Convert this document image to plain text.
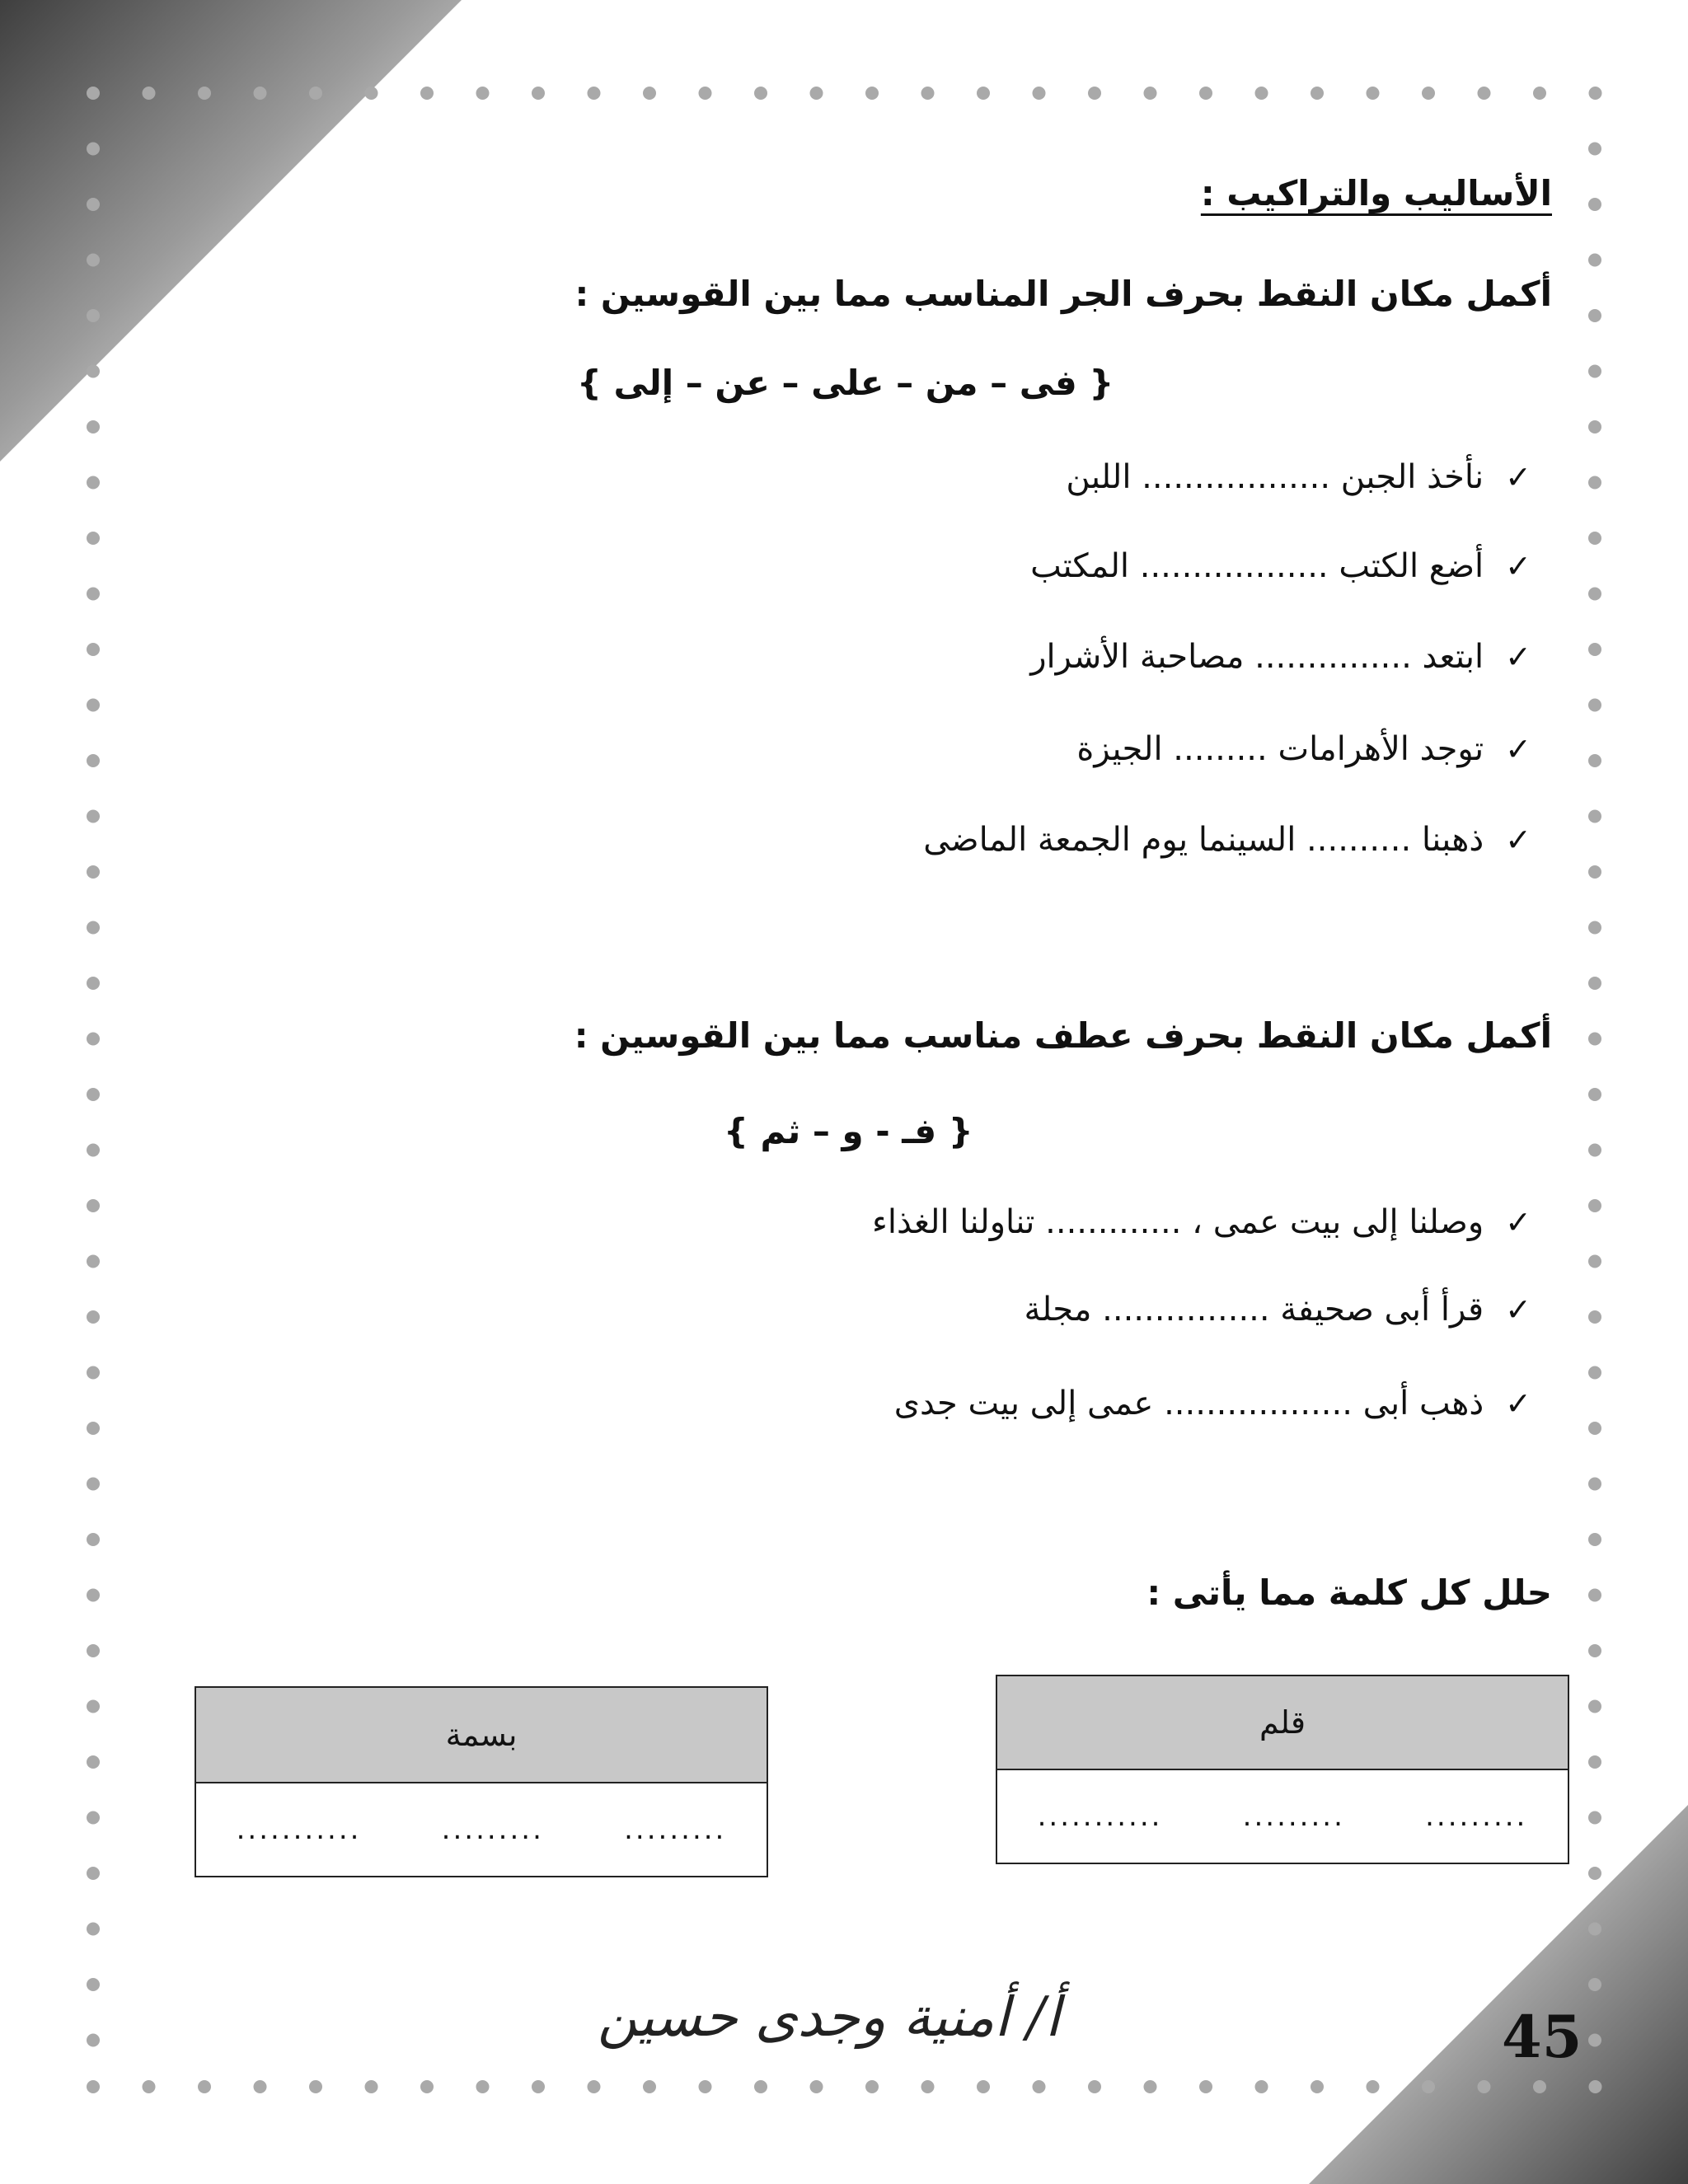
الأساليب والتراكيب :
أكمل مكان النقط بحرف الجر المناسب مما بين القوسين :
{ فى – من – على – عن – إلى }
✓
نأخذ الجبن .................. اللبن
✓
أضع الكتب .................. المكتب
✓
ابتعد ............... مصاحبة الأشرار
✓
توجد الأهرامات ......... الجيزة
✓
ذهبنا .......... السينما يوم الجمعة الماضى
أكمل مكان النقط بحرف عطف مناسب مما بين القوسين :
{ فـ - و – ثم }
✓
وصلنا إلى بيت عمى ، ............. تناولنا الغذاء
✓
قرأ أبى صحيفة ................ مجلة
✓
ذهب أبى .................. عمى إلى بيت جدى
حلل كل كلمة مما يأتى :
قلم
...........	.........	.........
بسمة
...........	.........	.........
أ/ أمنية وجدى حسين	45
